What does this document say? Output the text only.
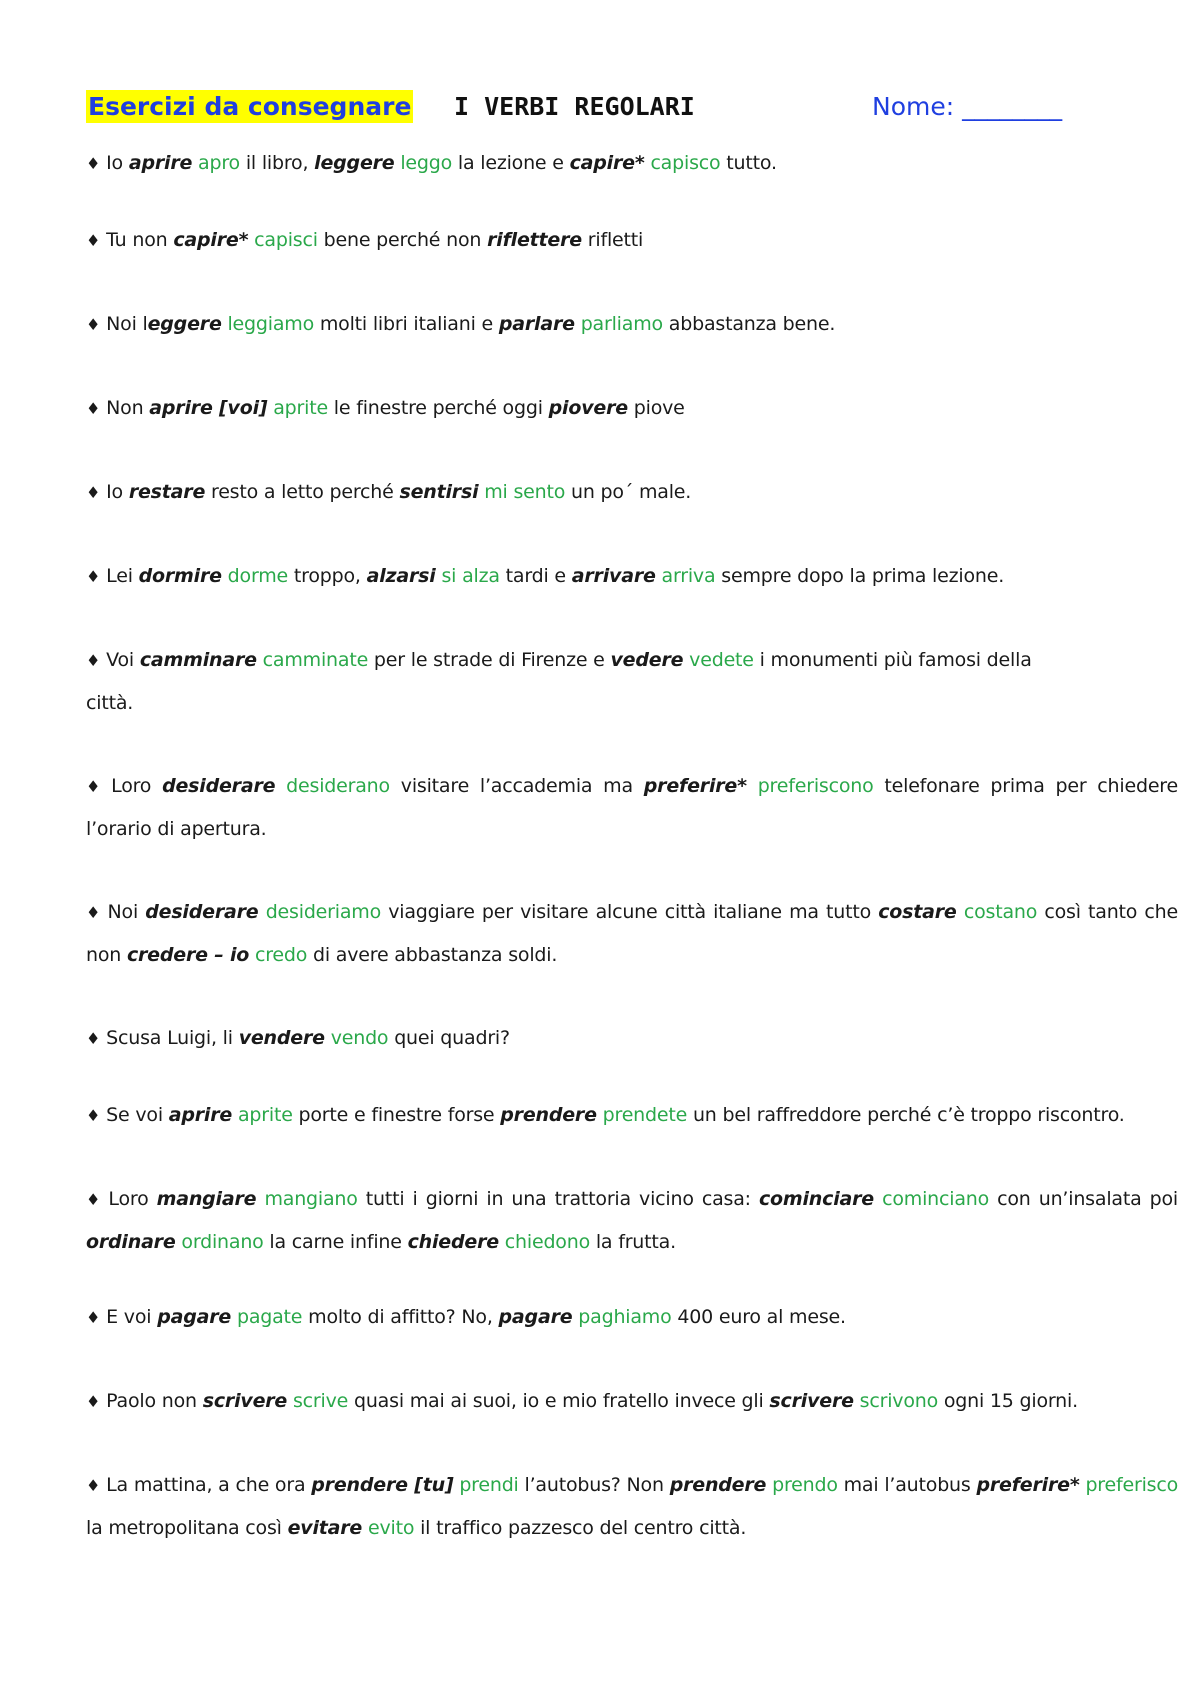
Esercizi da consegnare I VERBI REGOLARI	Nome: ________
♦ Io aprire apro il libro, leggere leggo la lezione e capire* capisco tutto.
♦ Tu non capire* capisci bene perché non riflettere rifletti
♦ Noi leggere leggiamo molti libri italiani e parlare parliamo abbastanza bene.
♦ Non aprire [voi] aprite le finestre perché oggi piovere piove
♦ Io restare resto a letto perché sentirsi mi sento un po´ male.
♦ Lei dormire dorme troppo, alzarsi si alza tardi e arrivare arriva sempre dopo la prima lezione.
♦ Voi camminare camminate per le strade di Firenze e vedere vedete i monumenti più famosi della città.
♦ Loro desiderare desiderano visitare l’accademia ma preferire* preferiscono telefonare prima per chiedere l’orario di apertura.
♦ Noi desiderare desideriamo viaggiare per visitare alcune città italiane ma tutto costare costano così tanto che non credere – io credo di avere abbastanza soldi.
♦ Scusa Luigi, li vendere vendo quei quadri?
♦ Se voi aprire aprite porte e finestre forse prendere prendete un bel raffreddore perché c’è troppo riscontro.
♦ Loro mangiare mangiano tutti i giorni in una trattoria vicino casa: cominciare cominciano con un’insalata poi ordinare ordinano la carne infine chiedere chiedono la frutta.
♦ E voi pagare pagate molto di affitto? No, pagare paghiamo 400 euro al mese.
♦ Paolo non scrivere scrive quasi mai ai suoi, io e mio fratello invece gli scrivere scrivono ogni 15 giorni.
♦ La mattina, a che ora prendere [tu] prendi l’autobus? Non prendere prendo mai l’autobus preferire* preferisco la metropolitana così evitare evito il traffico pazzesco del centro città.
